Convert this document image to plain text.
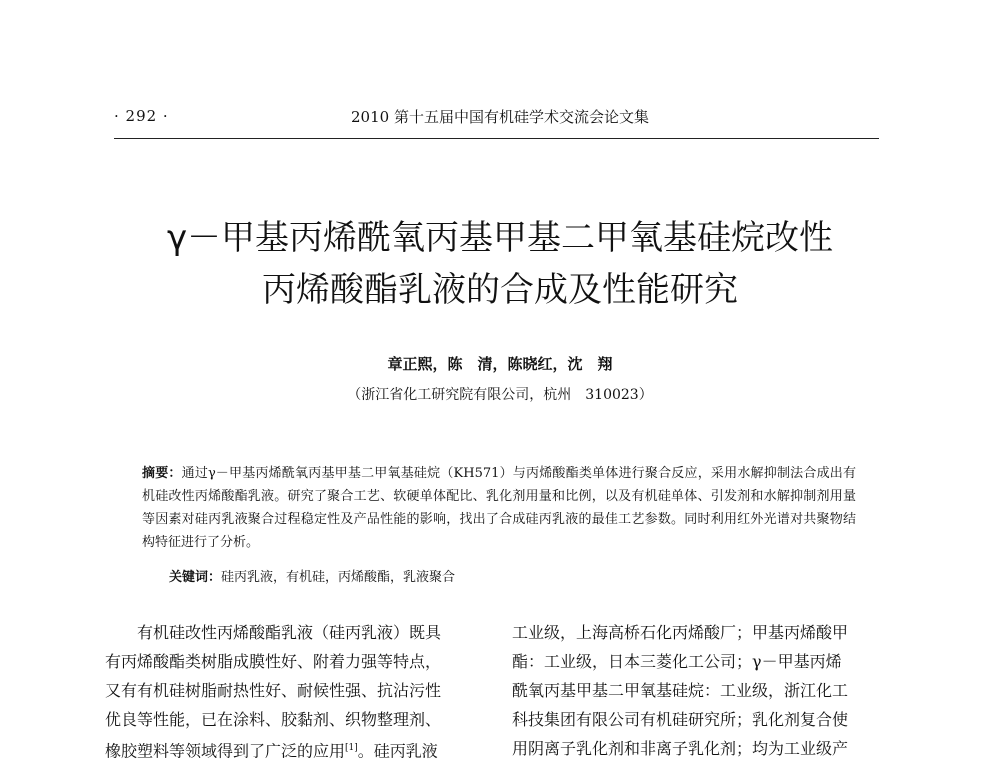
· 292 ·	2010 第十五届中国有机硅学术交流会论文集
γ－甲基丙烯酰氧丙基甲基二甲氧基硅烷改性
丙烯酸酯乳液的合成及性能研究
章正熙，陈　清，陈晓红，沈　翔
（浙江省化工研究院有限公司，杭州　310023）
摘要：通过γ－甲基丙烯酰氧丙基甲基二甲氧基硅烷（KH571）与丙烯酸酯类单体进行聚合反应，采用水解抑制法合成出有机硅改性丙烯酸酯乳液。研究了聚合工艺、软硬单体配比、乳化剂用量和比例，以及有机硅单体、引发剂和水解抑制剂用量等因素对硅丙乳液聚合过程稳定性及产品性能的影响，找出了合成硅丙乳液的最佳工艺参数。同时利用红外光谱对共聚物结构特征进行了分析。
关键词：硅丙乳液，有机硅，丙烯酸酯，乳液聚合
有机硅改性丙烯酸酯乳液（硅丙乳液）既具
有丙烯酸酯类树脂成膜性好、附着力强等特点，
又有有机硅树脂耐热性好、耐候性强、抗沾污性
优良等性能，已在涂料、胶黏剂、织物整理剂、
橡胶塑料等领域得到了广泛的应用[1]。硅丙乳液
工业级，上海高桥石化丙烯酸厂；甲基丙烯酸甲
酯：工业级，日本三菱化工公司；γ－甲基丙烯
酰氧丙基甲基二甲氧基硅烷：工业级，浙江化工
科技集团有限公司有机硅研究所；乳化剂复合使
用阴离子乳化剂和非离子乳化剂；均为工业级产
